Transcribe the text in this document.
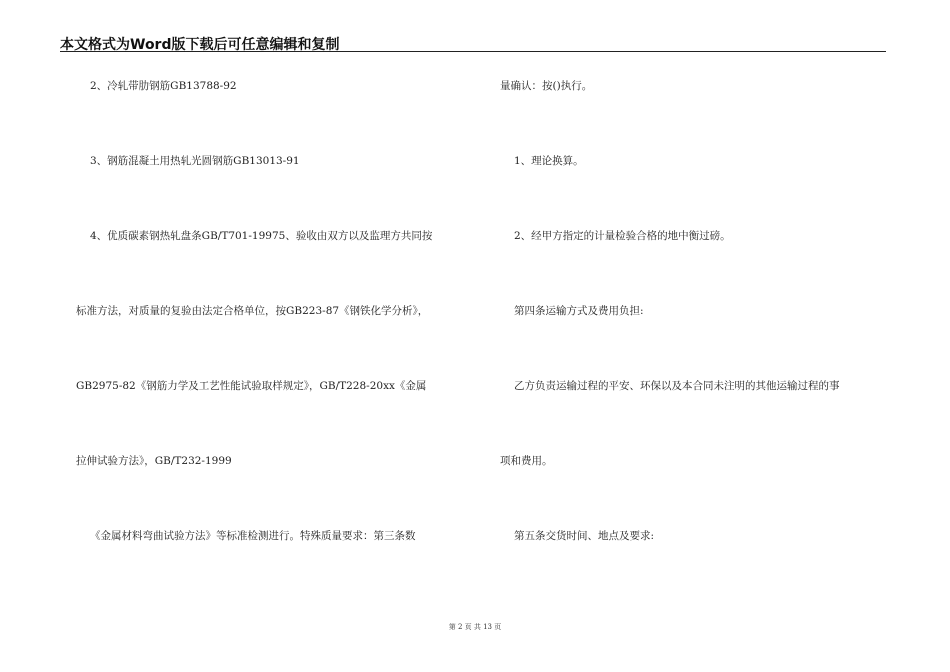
本文格式为Word版下载后可任意编辑和复制
2、冷轧带肋钢筋GB13788-92
3、钢筋混凝土用热轧光圆钢筋GB13013-91
4、优质碳素钢热轧盘条GB/T701-19975、验收由双方以及监理方共同按
标准方法，对质量的复验由法定合格单位，按GB223-87《钢铁化学分析》，
GB2975-82《钢筋力学及工艺性能试验取样规定》，GB/T228-20xx《金属
拉伸试验方法》，GB/T232-1999
《金属材料弯曲试验方法》等标准检测进行。特殊质量要求：第三条数
量确认：按()执行。
1、理论换算。
2、经甲方指定的计量检验合格的地中衡过磅。
第四条运输方式及费用负担:
乙方负责运输过程的平安、环保以及本合同未注明的其他运输过程的事
项和费用。
第五条交货时间、地点及要求:
第 2 页 共 13 页
